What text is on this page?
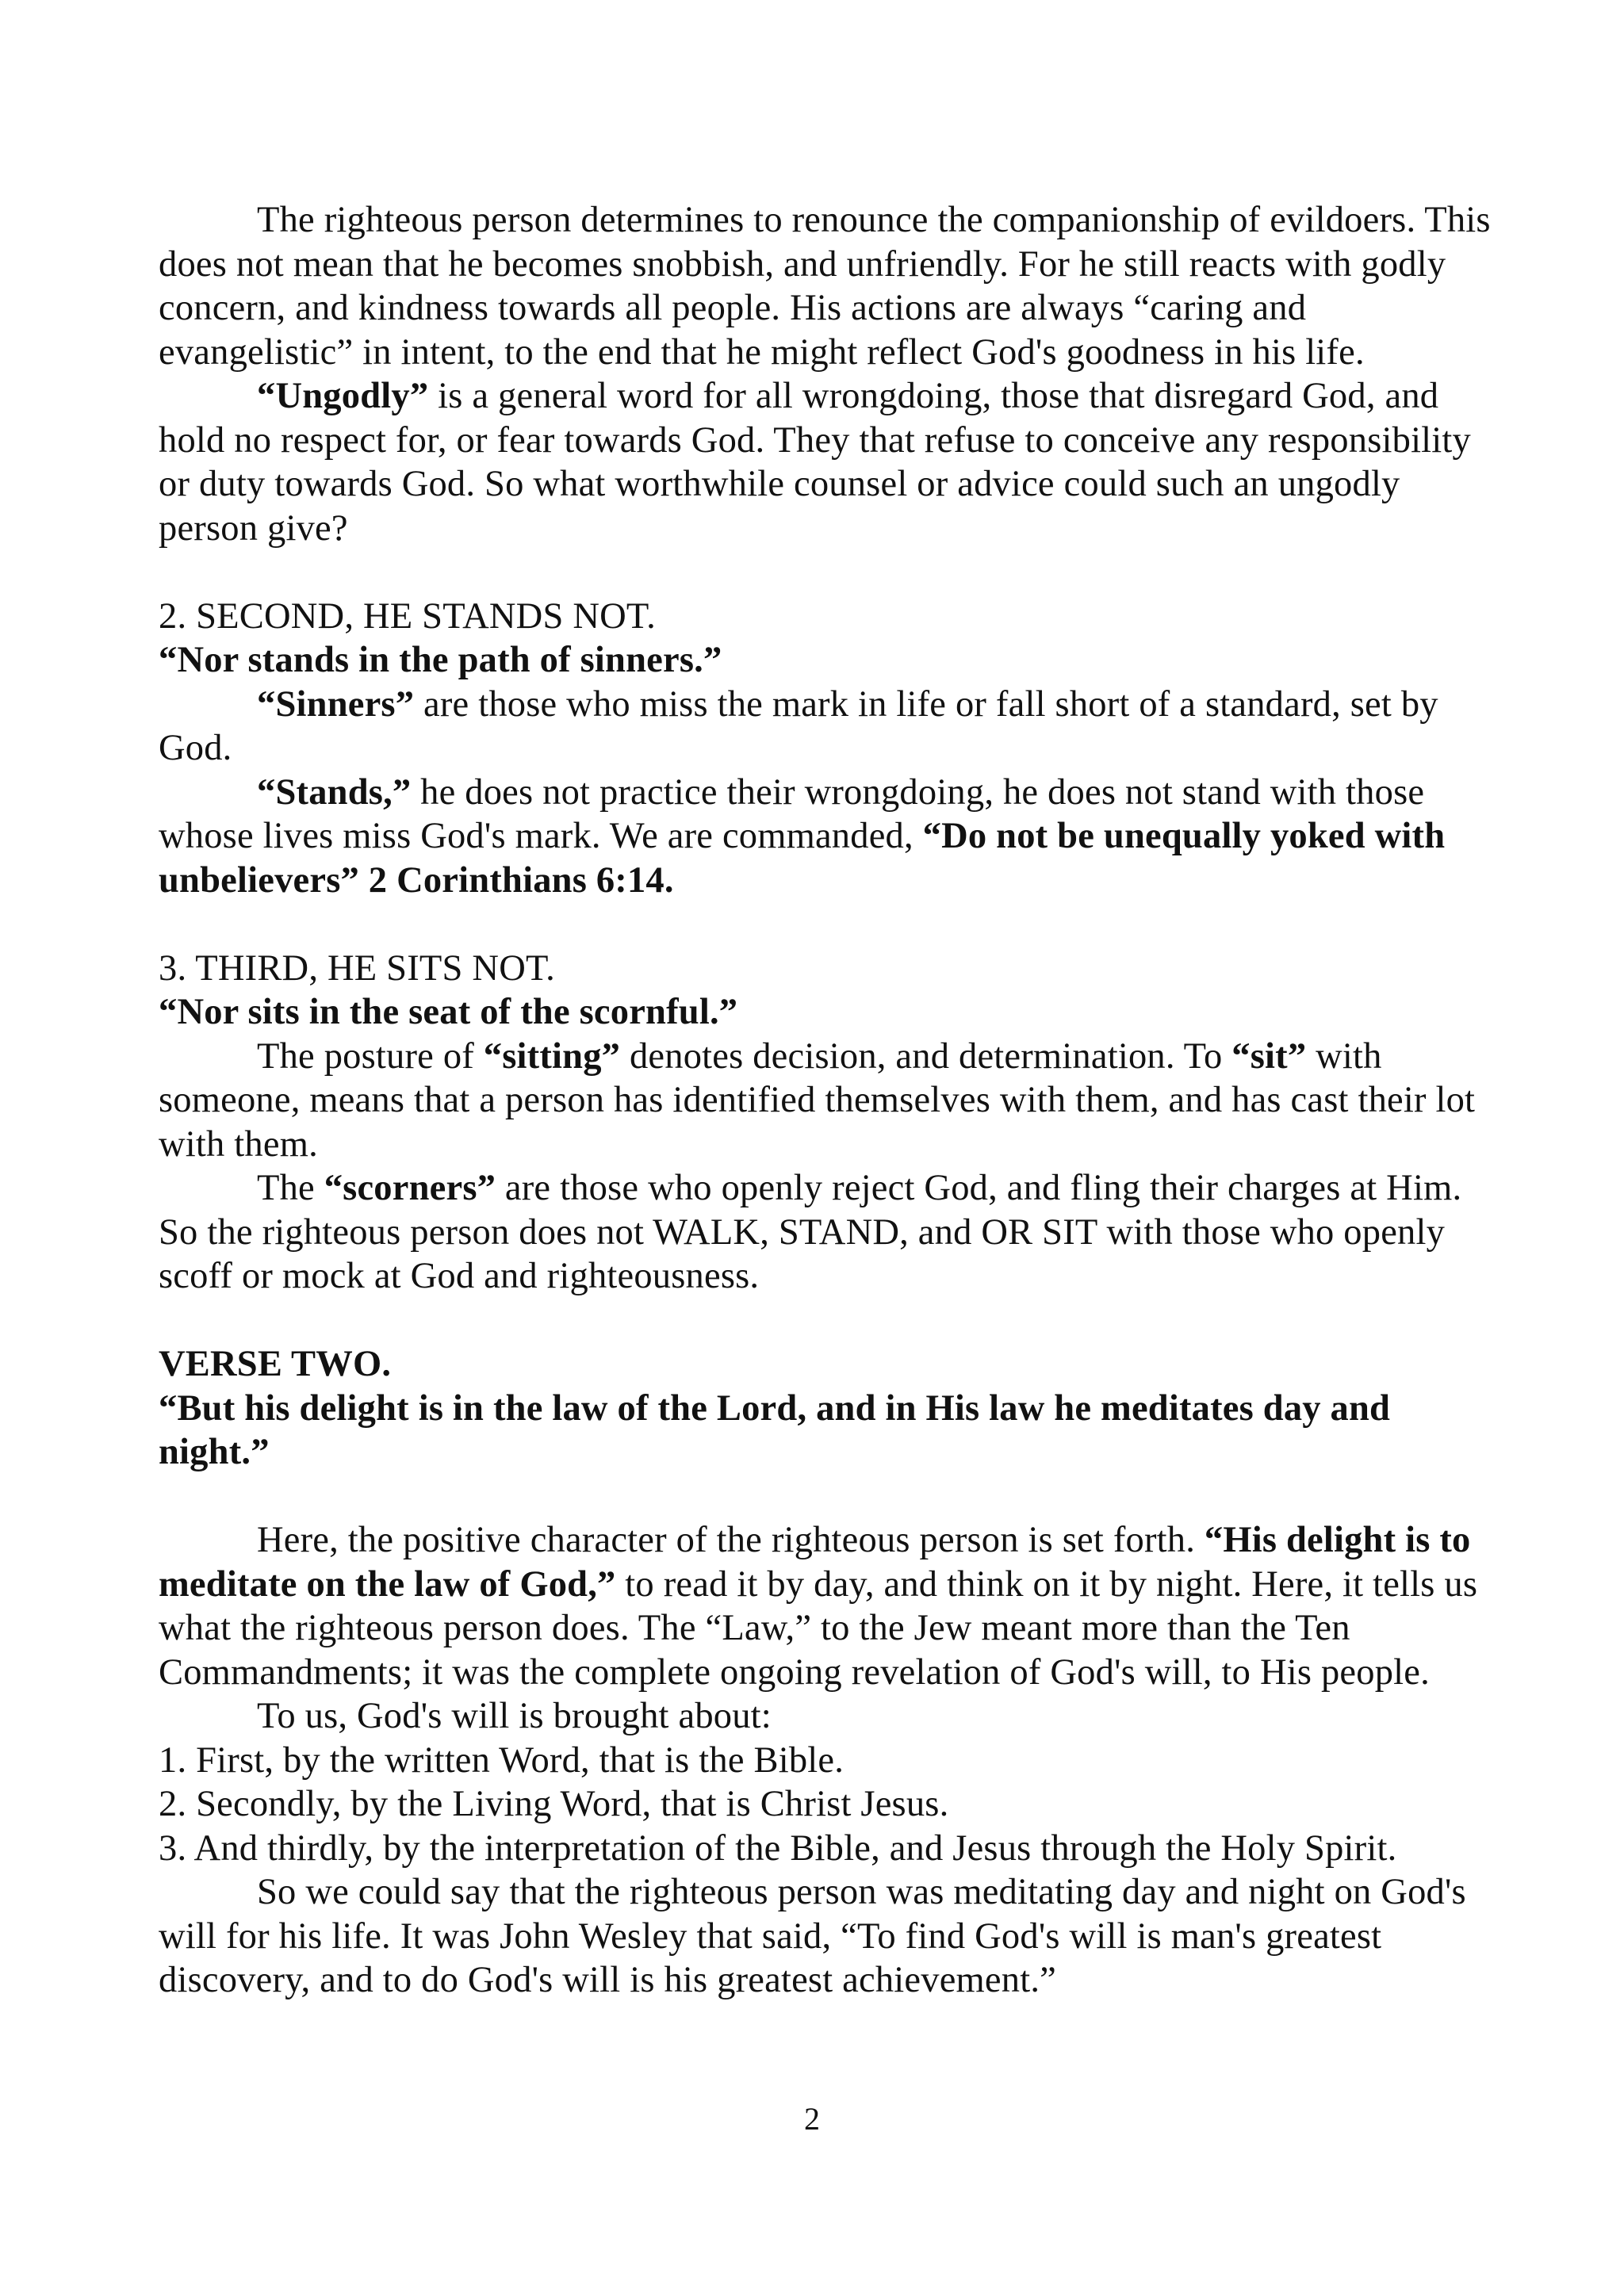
The righteous person determines to renounce the companionship of evildoers. This does not mean that he becomes snobbish, and unfriendly. For he still reacts with godly concern, and kindness towards all people. His actions are always “caring and evangelistic” in intent, to the end that he might reflect God's goodness in his life.

“Ungodly” is a general word for all wrongdoing, those that disregard God, and hold no respect for, or fear towards God. They that refuse to conceive any responsibility or duty towards God. So what worthwhile counsel or advice could such an ungodly person give?

2. SECOND, HE STANDS NOT.

“Nor stands in the path of sinners.”

“Sinners” are those who miss the mark in life or fall short of a standard, set by God.

“Stands,” he does not practice their wrongdoing, he does not stand with those whose lives miss God's mark. We are commanded, “Do not be unequally yoked with unbelievers” 2 Corinthians 6:14.

3. THIRD, HE SITS NOT.

“Nor sits in the seat of the scornful.”

The posture of “sitting” denotes decision, and determination. To “sit” with someone, means that a person has identified themselves with them, and has cast their lot with them.

The “scorners” are those who openly reject God, and fling their charges at Him. So the righteous person does not WALK, STAND, and OR SIT with those who openly scoff or mock at God and righteousness.

VERSE TWO.

“But his delight is in the law of the Lord, and in His law he meditates day and night.”

Here, the positive character of the righteous person is set forth. “His delight is to meditate on the law of God,” to read it by day, and think on it by night. Here, it tells us what the righteous person does. The “Law,” to the Jew meant more than the Ten Commandments; it was the complete ongoing revelation of God's will, to His people.

To us, God's will is brought about:

1. First, by the written Word, that is the Bible.

2. Secondly, by the Living Word, that is Christ Jesus.

3. And thirdly, by the interpretation of the Bible, and Jesus through the Holy Spirit.

So we could say that the righteous person was meditating day and night on God's will for his life. It was John Wesley that said, “To find God's will is man's greatest discovery, and to do God's will is his greatest achievement.”

2
